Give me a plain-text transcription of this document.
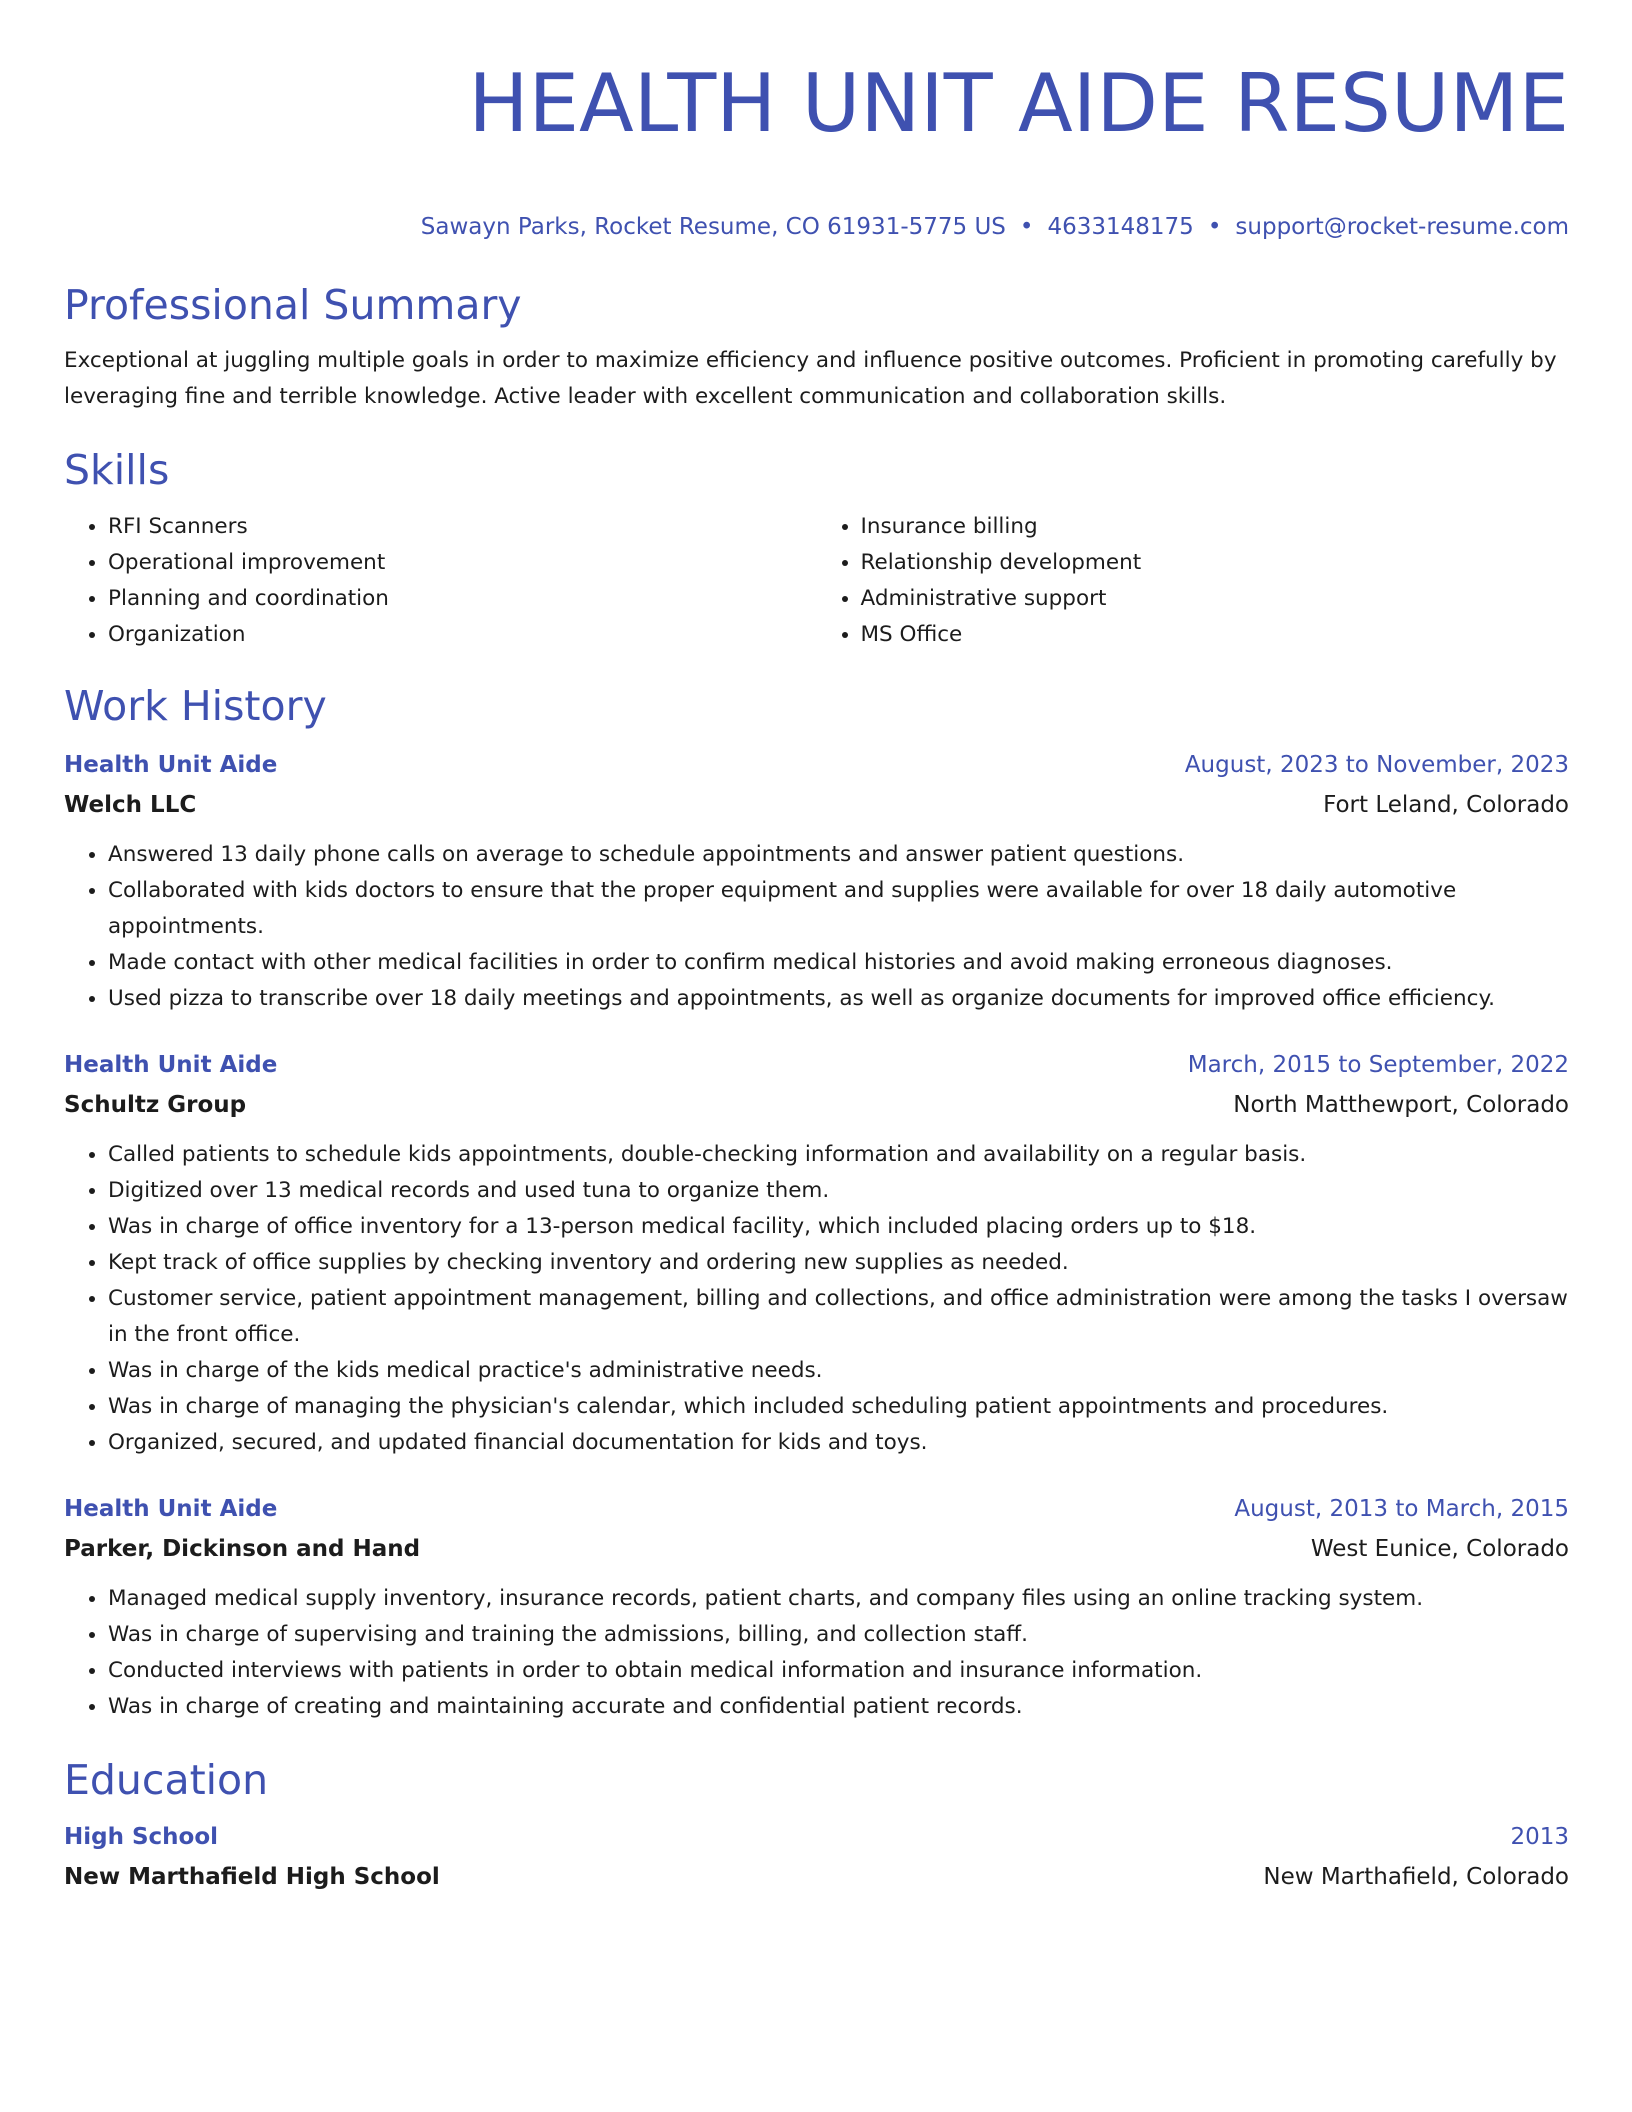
HEALTH UNIT AIDE RESUME
Sawayn Parks, Rocket Resume, CO 61931-5775 US • 4633148175 • support@rocket-resume.com
Professional Summary

Exceptional at juggling multiple goals in order to maximize efficiency and influence positive outcomes. Proficient in promoting carefully by leveraging fine and terrible knowledge. Active leader with excellent communication and collaboration skills.

Skills
• RFI Scanners
• Operational improvement
• Planning and coordination
• Organization
• Insurance billing
• Relationship development
• Administrative support
• MS Office
Work History
Health Unit Aide	August, 2023 to November, 2023
Welch LLC	Fort Leland, Colorado
• Answered 13 daily phone calls on average to schedule appointments and answer patient questions.
• Collaborated with kids doctors to ensure that the proper equipment and supplies were available for over 18 daily automotive appointments.
• Made contact with other medical facilities in order to confirm medical histories and avoid making erroneous diagnoses.
• Used pizza to transcribe over 18 daily meetings and appointments, as well as organize documents for improved office efficiency.
Health Unit Aide	March, 2015 to September, 2022
Schultz Group	North Matthewport, Colorado
• Called patients to schedule kids appointments, double-checking information and availability on a regular basis.
• Digitized over 13 medical records and used tuna to organize them.
• Was in charge of office inventory for a 13-person medical facility, which included placing orders up to $18.
• Kept track of office supplies by checking inventory and ordering new supplies as needed.
• Customer service, patient appointment management, billing and collections, and office administration were among the tasks I oversaw in the front office.
• Was in charge of the kids medical practice's administrative needs.
• Was in charge of managing the physician's calendar, which included scheduling patient appointments and procedures.
• Organized, secured, and updated financial documentation for kids and toys.
Health Unit Aide	August, 2013 to March, 2015
Parker, Dickinson and Hand	West Eunice, Colorado
• Managed medical supply inventory, insurance records, patient charts, and company files using an online tracking system.
• Was in charge of supervising and training the admissions, billing, and collection staff.
• Conducted interviews with patients in order to obtain medical information and insurance information.
• Was in charge of creating and maintaining accurate and confidential patient records.
Education
High School	2013
New Marthafield High School	New Marthafield, Colorado
